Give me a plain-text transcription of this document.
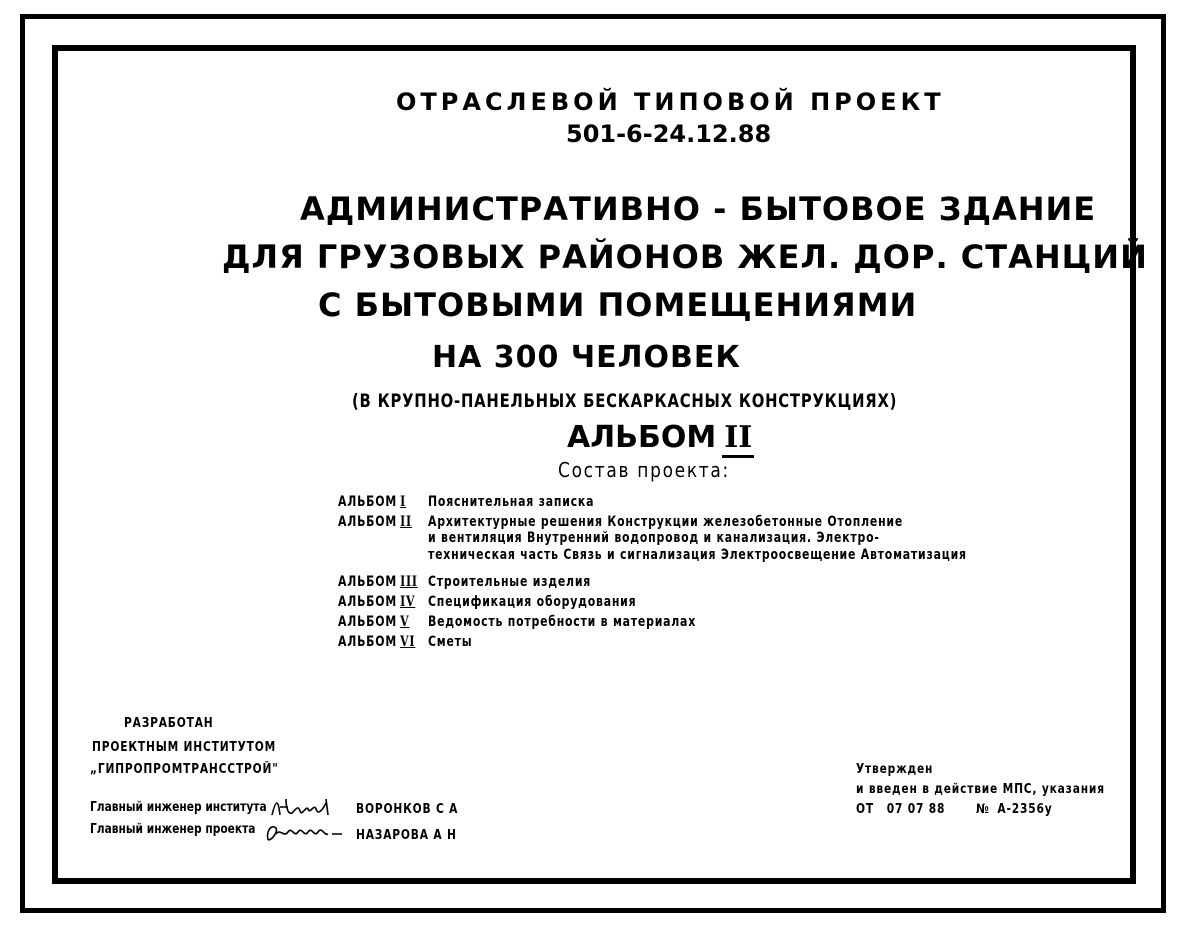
ОТРАСЛЕВОЙ ТИПОВОЙ ПРОЕКТ
501-6-24.12.88
АДМИНИСТРАТИВНО - БЫТОВОЕ ЗДАНИЕ
ДЛЯ ГРУЗОВЫХ РАЙОНОВ ЖЕЛ. ДОР. СТАНЦИЙ
С БЫТОВЫМИ ПОМЕЩЕНИЯМИ
НА 300 ЧЕЛОВЕК
(В КРУПНО-ПАНЕЛЬНЫХ БЕСКАРКАСНЫХ КОНСТРУКЦИЯХ)
АЛЬБОМ II
Состав проекта:
АЛЬБОМ I Пояснительная записка
АЛЬБОМ II Архитектурные решения Конструкции железобетонные Отопление
и вентиляция Внутренний водопровод и канализация. Электро-
техническая часть Связь и сигнализация Электроосвещение Автоматизация
АЛЬБОМ III Строительные изделия
АЛЬБОМ IV Спецификация оборудования
АЛЬБОМ V Ведомость потребности в материалах
АЛЬБОМ VI Сметы
РАЗРАБОТАН
ПРОЕКТНЫМ ИНСТИТУТОМ
„ГИПРОПРОМТРАНССТРОЙ"
Главный инженер института	ВОРОНКОВ С А
Главный инженер проекта	НАЗАРОВА А Н
Утвержден
и введен в действие МПС, указания
ОТ 07 07 88 № А-2356у
